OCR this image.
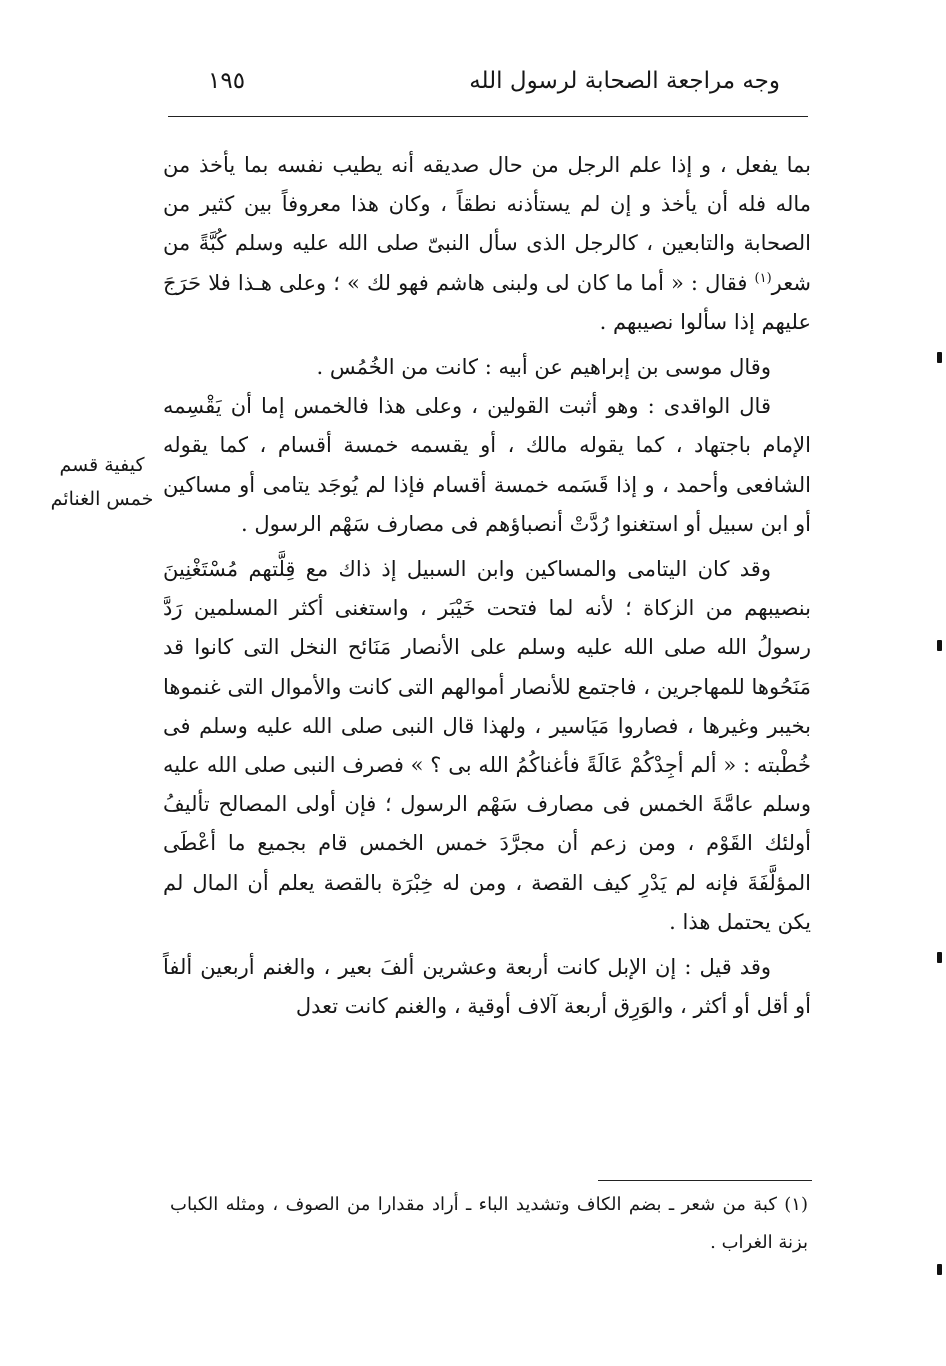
وجه مراجعة الصحابة لرسول الله
١٩٥
كيفية قسم
خمس الغنائم

بما يفعل ، و إذا علم الرجل من حال صديقه أنه يطيب نفسه بما يأخذ من ماله فله أن يأخذ و إن لم يستأذنه نطقاً ، وكان هذا معروفاً بين كثير من الصحابة والتابعين ، كالرجل الذى سأل النبىّ صلى الله عليه وسلم كُبَّةً من شعر$^{(١)}$ فقال : « أما ما كان لى ولبنى هاشم فهو لك » ؛ وعلى هـذا فلا حَرَجَ عليهم إذا سألوا نصيبهم .

وقال موسى بن إبراهيم عن أبيه : كانت من الخُمُس .

قال الواقدى : وهو أثبت القولين ، وعلى هذا فالخمس إما أن يَقْسِمه الإمام باجتهاد ، كما يقوله مالك ، أو يقسمه خمسة أقسام ، كما يقوله الشافعى وأحمد ، و إذا قَسَمه خمسة أقسام فإذا لم يُوجَد يتامى أو مساكين أو ابن سبيل أو استغنوا رُدَّتْ أنصباؤهم فى مصارف سَهْم الرسول .

وقد كان اليتامى والمساكين وابن السبيل إذ ذاك مع قِلَّتهم مُسْتَغْنِينَ بنصيبهم من الزكاة ؛ لأنه لما فتحت خَيْبَر ، واستغنى أكثر المسلمين رَدَّ رسولُ الله صلى الله عليه وسلم على الأنصار مَنَائح النخل التى كانوا قد مَنَحُوها للمهاجرين ، فاجتمع للأنصار أموالهم التى كانت والأموال التى غنموها بخيبر وغيرها ، فصاروا مَيَاسير ، ولهذا قال النبى صلى الله عليه وسلم فى خُطْبته : « ألم أجِدْكُمْ عَالَةً فأغناكُمُ الله بى ؟ » فصرف النبى صلى الله عليه وسلم عامَّةَ الخمس فى مصارف سَهْم الرسول ؛ فإن أولى المصالح تأليفُ أولئك القَوْم ، ومن زعم أن مجرَّدَ خمس الخمس قام بجميع ما أعْطَى المؤلَّفَةَ فإنه لم يَدْرِ كيف القصة ، ومن له خِبْرَة بالقصة يعلم أن المال لم يكن يحتمل هذا .

وقد قيل : إن الإبل كانت أربعة وعشرين ألفَ بعير ، والغنم أربعين ألفاً أو أقل أو أكثر ، والوَرِق أربعة آلاف أوقية ، والغنم كانت تعدل

(١) كبة من شعر ـ بضم الكاف وتشديد الباء ـ أراد مقدارا من الصوف ، ومثله الكباب بزنة الغراب .
